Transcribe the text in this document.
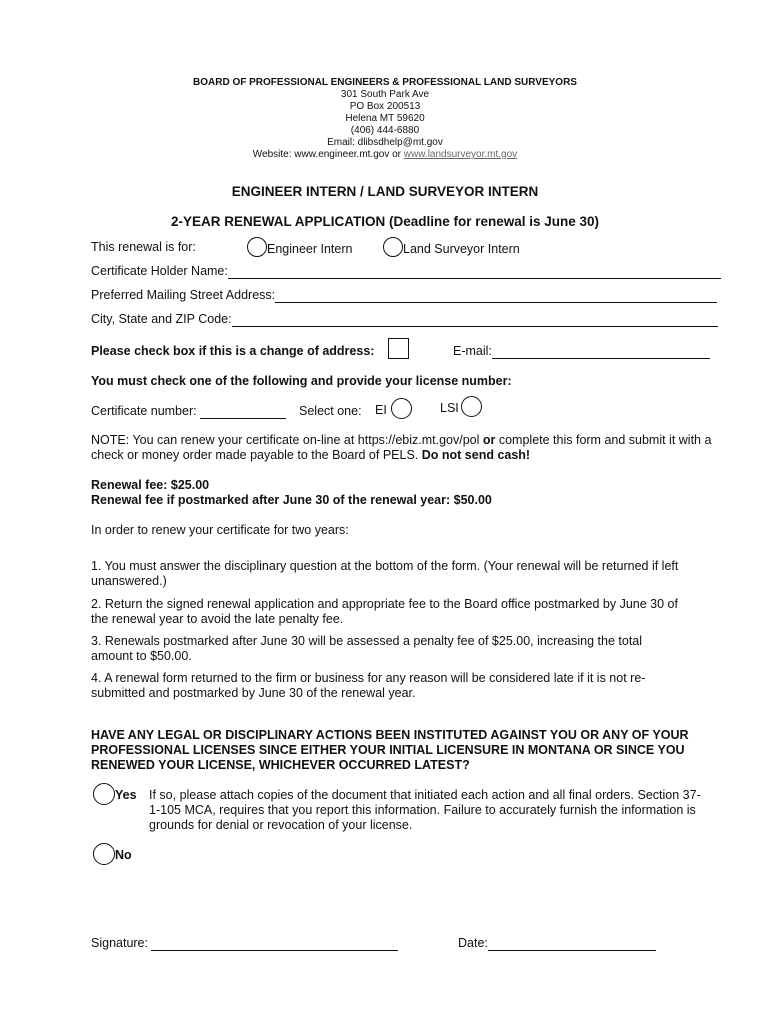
BOARD OF PROFESSIONAL ENGINEERS & PROFESSIONAL LAND SURVEYORS
301 South Park Ave
PO Box 200513
Helena MT 59620
(406) 444-6880
Email: dlibsdhelp@mt.gov
Website: www.engineer.mt.gov or www.landsurveyor.mt.gov
ENGINEER INTERN / LAND SURVEYOR INTERN
2-YEAR RENEWAL APPLICATION (Deadline for renewal is June 30)
This renewal is for:	Engineer Intern	Land Surveyor Intern
Certificate Holder Name:
Preferred Mailing Street Address:
City, State and ZIP Code:
Please check box if this is a change of address:	E-mail:
You must check one of the following and provide your license number:
Certificate number:
	Select one: EI	LSI
NOTE: You can renew your certificate on-line at https://ebiz.mt.gov/pol or complete this form and submit it with a check or money order made payable to the Board of PELS. Do not send cash!
Renewal fee: $25.00
Renewal fee if postmarked after June 30 of the renewal year: $50.00
In order to renew your certificate for two years:
1. You must answer the disciplinary question at the bottom of the form. (Your renewal will be returned if left unanswered.)
2. Return the signed renewal application and appropriate fee to the Board office postmarked by June 30 of the renewal year to avoid the late penalty fee.
3. Renewals postmarked after June 30 will be assessed a penalty fee of $25.00, increasing the total amount to $50.00.
4. A renewal form returned to the firm or business for any reason will be considered late if it is not re-submitted and postmarked by June 30 of the renewal year.
HAVE ANY LEGAL OR DISCIPLINARY ACTIONS BEEN INSTITUTED AGAINST YOU OR ANY OF YOUR PROFESSIONAL LICENSES SINCE EITHER YOUR INITIAL LICENSURE IN MONTANA OR SINCE YOU RENEWED YOUR LICENSE, WHICHEVER OCCURRED LATEST?
Yes If so, please attach copies of the document that initiated each action and all final orders. Section 37-1-105 MCA, requires that you report this information. Failure to accurately furnish the information is grounds for denial or revocation of your license.
No
Signature:
	Date:
